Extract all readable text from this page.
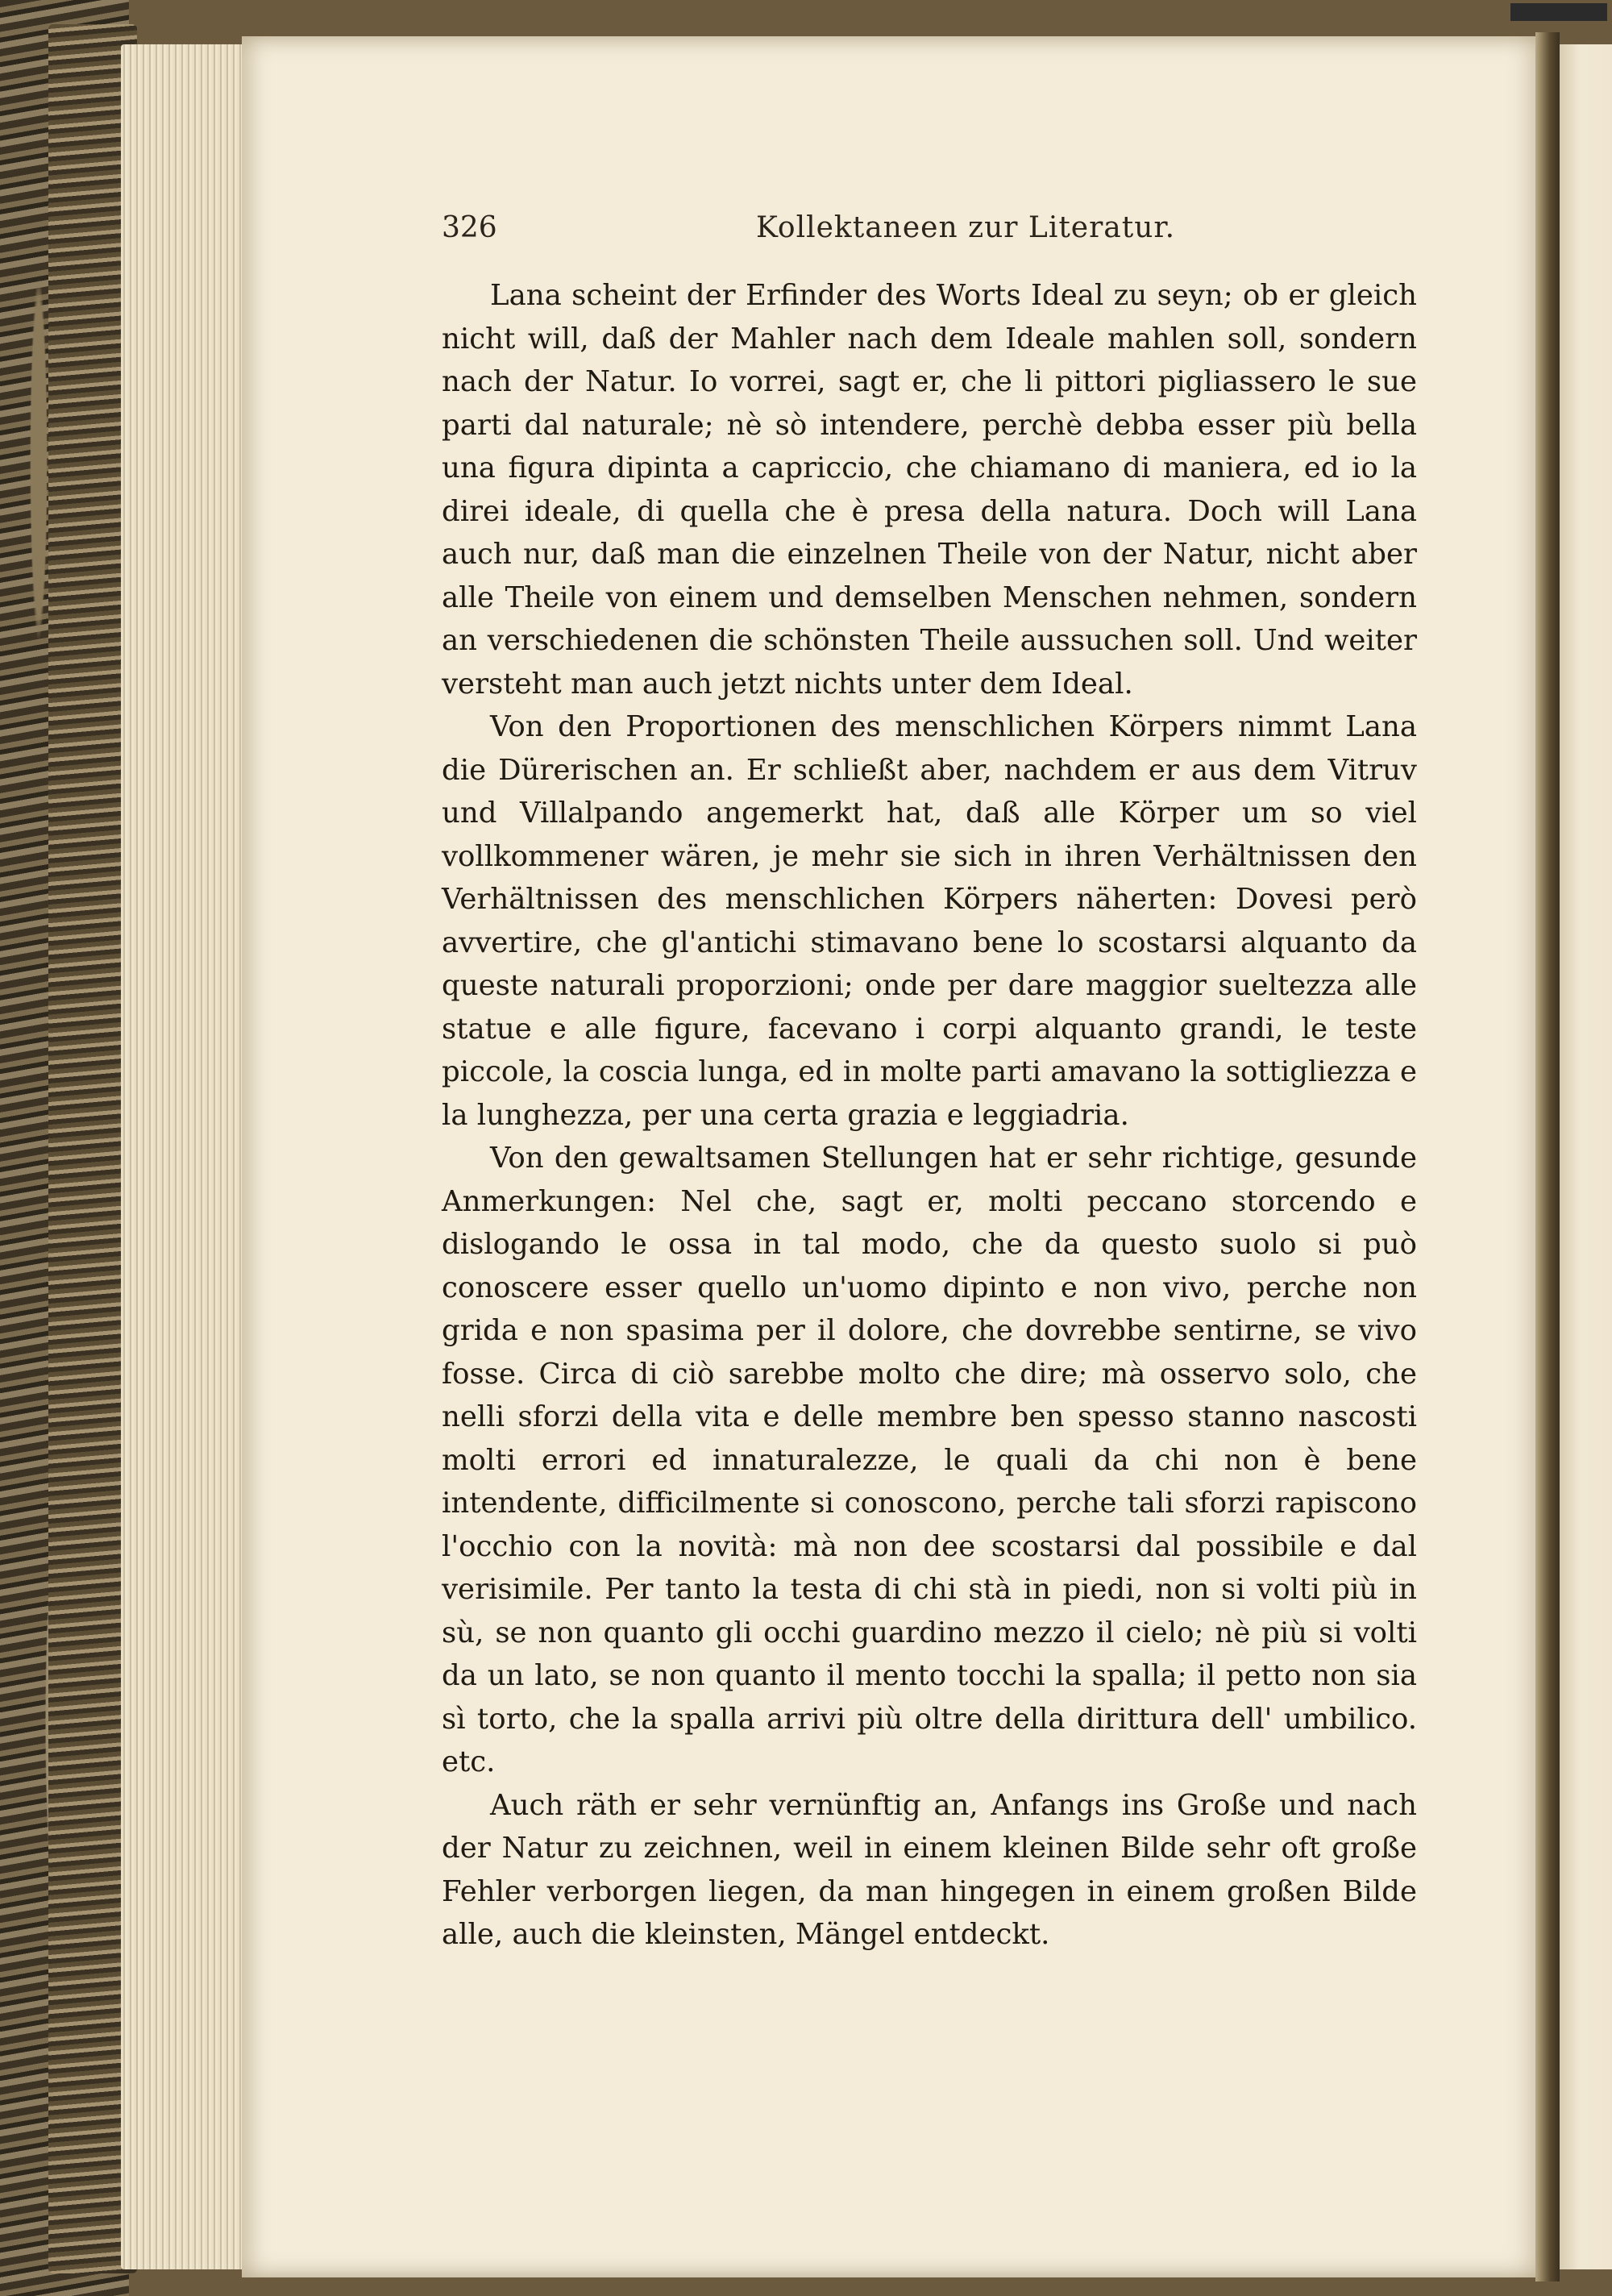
326	Kollektaneen zur Literatur.

Lana scheint der Erfinder des Worts Ideal zu seyn; ob er gleich nicht will, daß der Mahler nach dem Ideale mahlen soll, sondern nach der Natur. Io vorrei, sagt er, che li pittori pigliassero le sue parti dal naturale; nè sò intendere, perchè debba esser più bella una figura dipinta a capriccio, che chiamano di maniera, ed io la direi ideale, di quella che è presa della natura. Doch will Lana auch nur, daß man die einzelnen Theile von der Natur, nicht aber alle Theile von einem und demselben Menschen nehmen, sondern an verschiedenen die schönsten Theile aussuchen soll. Und weiter versteht man auch jetzt nichts unter dem Ideal.

Von den Proportionen des menschlichen Körpers nimmt Lana die Dürerischen an. Er schließt aber, nachdem er aus dem Vitruv und Villalpando angemerkt hat, daß alle Körper um so viel vollkommener wären, je mehr sie sich in ihren Verhältnissen den Verhältnissen des menschlichen Körpers näherten: Dovesi però avvertire, che gl'antichi stimavano bene lo scostarsi alquanto da queste naturali proporzioni; onde per dare maggior sueltezza alle statue e alle figure, facevano i corpi alquanto grandi, le teste piccole, la coscia lunga, ed in molte parti amavano la sottigliezza e la lunghezza, per una certa grazia e leggiadria.

Von den gewaltsamen Stellungen hat er sehr richtige, gesunde Anmerkungen: Nel che, sagt er, molti peccano storcendo e dislogando le ossa in tal modo, che da questo suolo si può conoscere esser quello un'uomo dipinto e non vivo, perche non grida e non spasima per il dolore, che dovrebbe sentirne, se vivo fosse. Circa di ciò sarebbe molto che dire; mà osservo solo, che nelli sforzi della vita e delle membre ben spesso stanno nascosti molti errori ed innaturalezze, le quali da chi non è bene intendente, difficilmente si conoscono, perche tali sforzi rapiscono l'occhio con la novità: mà non dee scostarsi dal possibile e dal verisimile. Per tanto la testa di chi stà in piedi, non si volti più in sù, se non quanto gli occhi guardino mezzo il cielo; nè più si volti da un lato, se non quanto il mento tocchi la spalla; il petto non sia sì torto, che la spalla arrivi più oltre della dirittura dell' umbilico. etc.

Auch räth er sehr vernünftig an, Anfangs ins Große und nach der Natur zu zeichnen, weil in einem kleinen Bilde sehr oft große Fehler verborgen liegen, da man hingegen in einem großen Bilde alle, auch die kleinsten, Mängel entdeckt.
